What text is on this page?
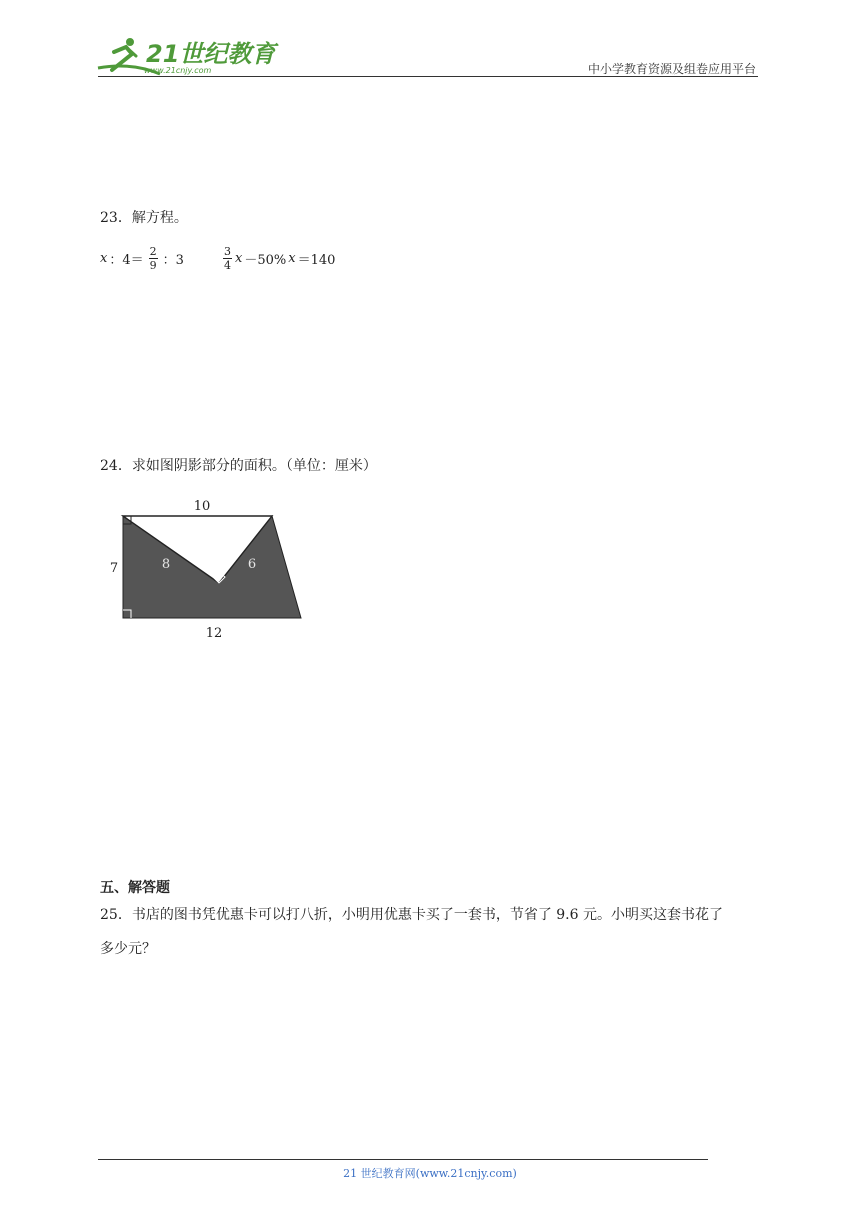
21世纪教育
www.21cnjy.com	中小学教育资源及组卷应用平台
23．解方程。
x ：$4= \frac{2}{9}$ ：3	$\frac{3}{4}$ x －50% x ＝140
24．求如图阴影部分的面积。（单位：厘米）
10
7	8	6
12
五、解答题
25．书店的图书凭优惠卡可以打八折，小明用优惠卡买了一套书，节省了 9.6 元。小明买这套书花了
多少元？
21 世纪教育网(www.21cnjy.com)
